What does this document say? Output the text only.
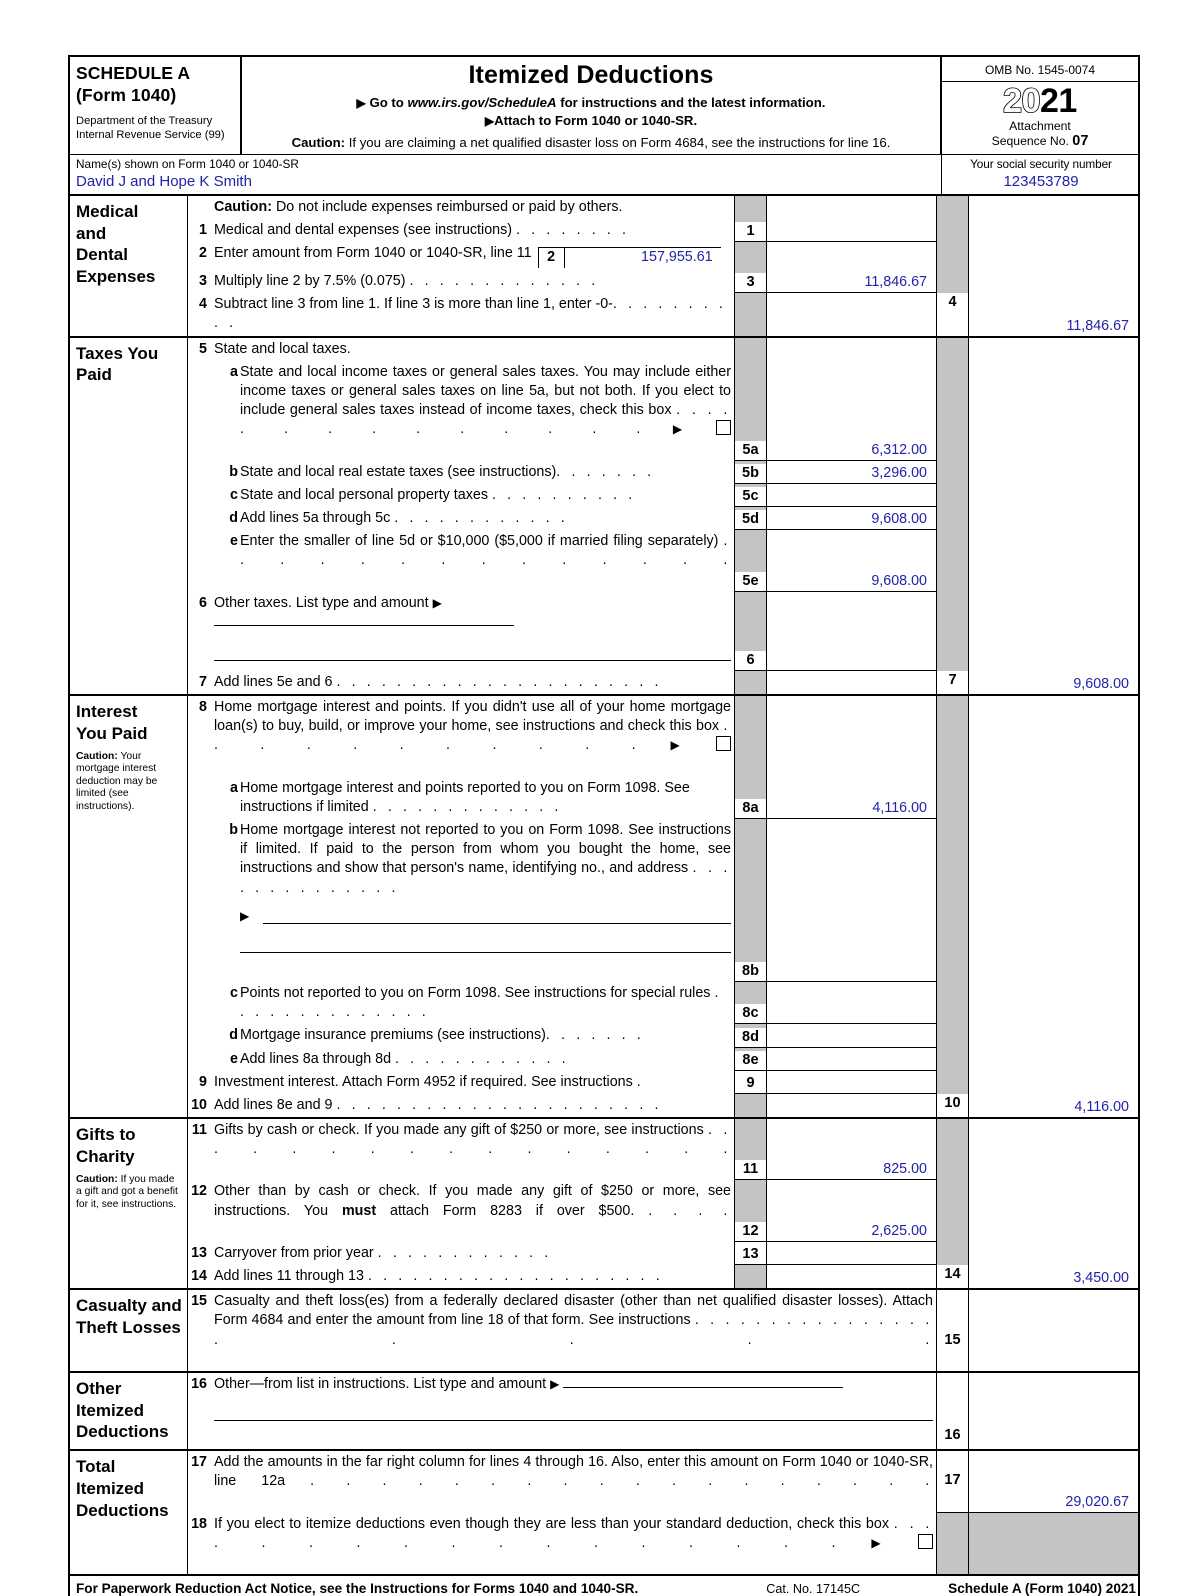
SCHEDULE A
(Form 1040)
Department of the Treasury
Internal Revenue Service (99)
Itemized Deductions
▶ Go to www.irs.gov/ScheduleA for instructions and the latest information.
▶Attach to Form 1040 or 1040-SR.
Caution: If you are claiming a net qualified disaster loss on Form 4684, see the instructions for line 16.
OMB No. 1545-0074
2021
Attachment
Sequence No. 07
Name(s) shown on Form 1040 or 1040-SR
David J and Hope K Smith
Your social security number
123453789
Medical
and
Dental
Expenses
Caution: Do not include expenses reimbursed or paid by others.
1 Medical and dental expenses (see instructions) . . . . . . . .	1
2 Enter amount from Form 1040 or 1040-SR, line 11	2	157,955.61
3 Multiply line 2 by 7.5% (0.075) . . . . . . . . . . . . .	3	11,846.67
4 Subtract line 3 from line 1. If line 3 is more than line 1, enter -0-. . . . . . . . . .
4
11,846.67
Taxes You
Paid
5 State and local taxes.
a State and local income taxes or general sales taxes. You may include either income taxes or general sales taxes on line 5a, but not both. If you elect to include general sales taxes instead of income taxes, check this box . . . . . . . . . . . . . .▶
5a	6,312.00
b State and local real estate taxes (see instructions). . . . . . .	5b	3,296.00
c State and local personal property taxes . . . . . . . . . .	5c
d Add lines 5a through 5c . . . . . . . . . . . .	5d	9,608.00
e Enter the smaller of line 5d or $10,000 ($5,000 if married filing separately) . . . . . . . . . . . . . .
5e	9,608.00
6 Other taxes. List type and amount ▶
6
7 Add lines 5e and 6 . . . . . . . . . . . . . . . . . . . . . .	7	9,608.00
Interest
You Paid
Caution: Your mortgage interest deduction may be limited (see instructions).
8 Home mortgage interest and points. If you didn't use all of your home mortgage loan(s) to buy, build, or improve your home, see instructions and check this box . . . . . . . . . . .▶
a Home mortgage interest and points reported to you on Form 1098. See instructions if limited . . . . . . . . . . . . .	8a	4,116.00
b Home mortgage interest not reported to you on Form 1098. See instructions if limited. If paid to the person from whom you bought the home, see instructions and show that person's name, identifying no., and address . . . . . . . . . . . . . .
▶

8b
c Points not reported to you on Form 1098. See instructions for special rules . . . . . . . . . . . . . .	8c
d Mortgage insurance premiums (see instructions). . . . . . .	8d
e Add lines 8a through 8d . . . . . . . . . . . .	8e
9 Investment interest. Attach Form 4952 if required. See instructions .	9
10 Add lines 8e and 9 . . . . . . . . . . . . . . . . . . . . . .	10	4,116.00
Gifts to
Charity
Caution: If you made a gift and got a benefit for it, see instructions.
11 Gifts by cash or check. If you made any gift of $250 or more, see instructions . . . . . . . . . . . . . . . .
11	825.00
12 Other than by cash or check. If you made any gift of $250 or more, see instructions. You must attach Form 8283 if over $500. . . . .
12	2,625.00
13 Carryover from prior year . . . . . . . . . . . .	13
14 Add lines 11 through 13 . . . . . . . . . . . . . . . . . . . .	14	3,450.00
Casualty and
Theft Losses
15 Casualty and theft loss(es) from a federally declared disaster (other than net qualified disaster losses). Attach Form 4684 and enter the amount from line 18 of that form. See instructions . . . . . . . . . . . . . . . . . . . . . 15
Other
Itemized
Deductions
16 Other—from list in instructions. List type and amount ▶
16
Total
Itemized
Deductions
17 Add the amounts in the far right column for lines 4 through 16. Also, enter this amount on Form 1040 or 1040-SR, line 12a . . . . . . . . . . . . . . . . . . 17
29,020.67
18 If you elect to itemize deductions even though they are less than your standard deduction, check this box . . . . . . . . . . . . . . . . .▶
For Paperwork Reduction Act Notice, see the Instructions for Forms 1040 and 1040-SR.	Cat. No. 17145C	Schedule A (Form 1040) 2021
